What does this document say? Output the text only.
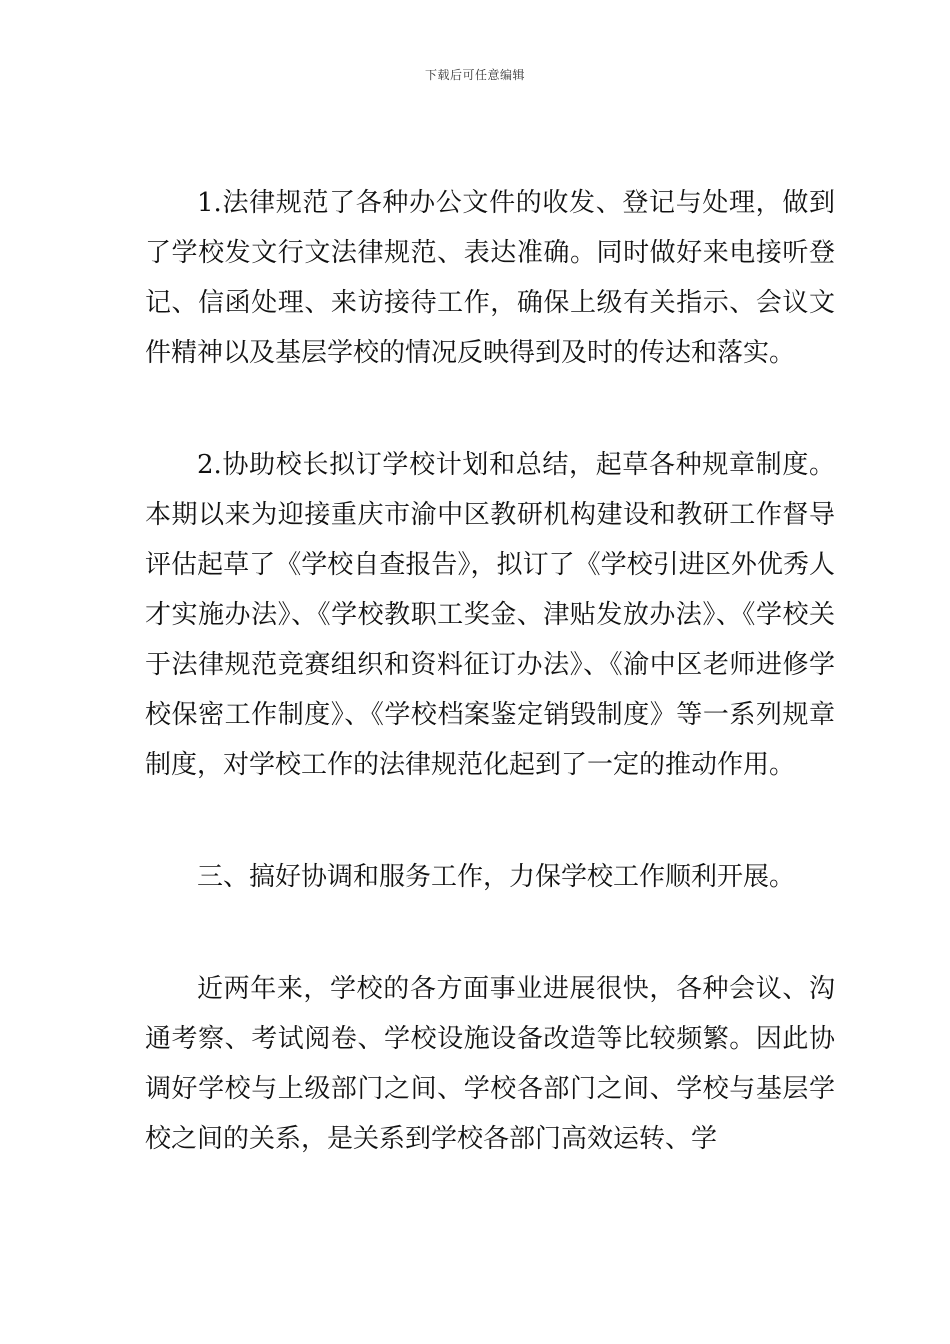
下载后可任意编辑

1.法律规范了各种办公文件的收发、登记与处理，做到了学校发文行文法律规范、表达准确。同时做好来电接听登记、信函处理、来访接待工作，确保上级有关指示、会议文件精神以及基层学校的情况反映得到及时的传达和落实。

2.协助校长拟订学校计划和总结，起草各种规章制度。本期以来为迎接重庆市渝中区教研机构建设和教研工作督导评估起草了《学校自查报告》，拟订了《学校引进区外优秀人才实施办法》、《学校教职工奖金、津贴发放办法》、《学校关于法律规范竞赛组织和资料征订办法》、《渝中区老师进修学校保密工作制度》、《学校档案鉴定销毁制度》等一系列规章制度，对学校工作的法律规范化起到了一定的推动作用。

三、搞好协调和服务工作，力保学校工作顺利开展。

近两年来，学校的各方面事业进展很快，各种会议、沟通考察、考试阅卷、学校设施设备改造等比较频繁。因此协调好学校与上级部门之间、学校各部门之间、学校与基层学校之间的关系，是关系到学校各部门高效运转、学
